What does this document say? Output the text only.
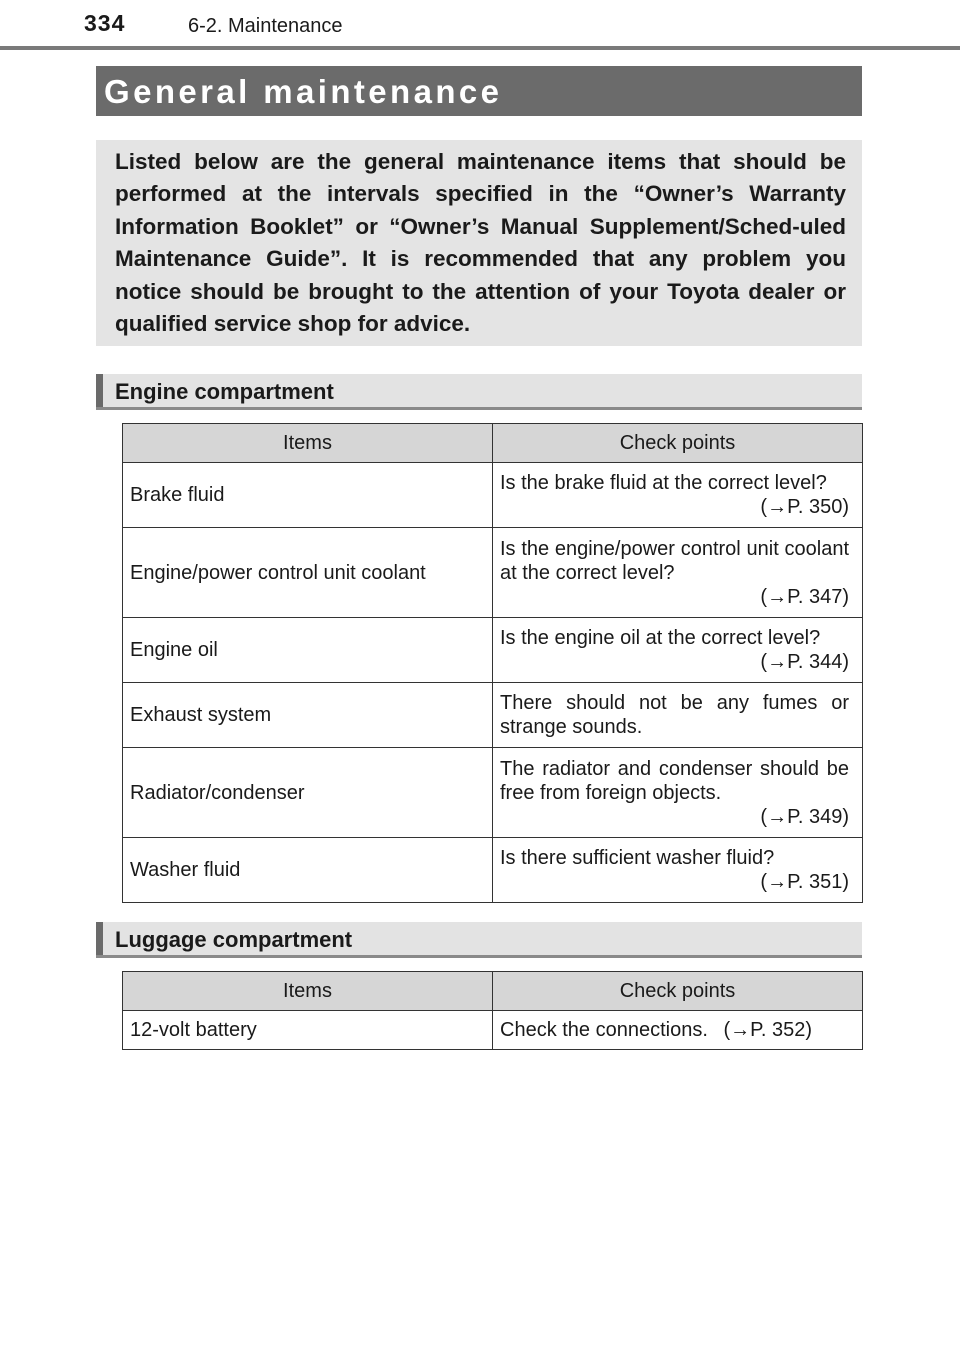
334	6-2. Maintenance
General maintenance
Listed below are the general maintenance items that should be performed at the intervals specified in the “Owner’s Warranty Information Booklet” or “Owner’s Manual Supplement/Sched-uled Maintenance Guide”. It is recommended that any problem you notice should be brought to the attention of your Toyota dealer or qualified service shop for advice.
Engine compartment
Items	Check points
Brake fluid	Is the brake fluid at the correct level?
(→P. 350)

Engine/power control unit coolant	Is the engine/power control unit coolant at the correct level?
(→P. 347)

Engine oil	Is the engine oil at the correct level?
(→P. 344)

Exhaust system	There should not be any fumes or strange sounds.
Radiator/condenser	The radiator and condenser should be free from foreign objects.
(→P. 349)

Washer fluid	Is there sufficient washer fluid?
(→P. 351)
Luggage compartment
Items	Check points
12-volt battery	Check the connections. (→P. 352)
